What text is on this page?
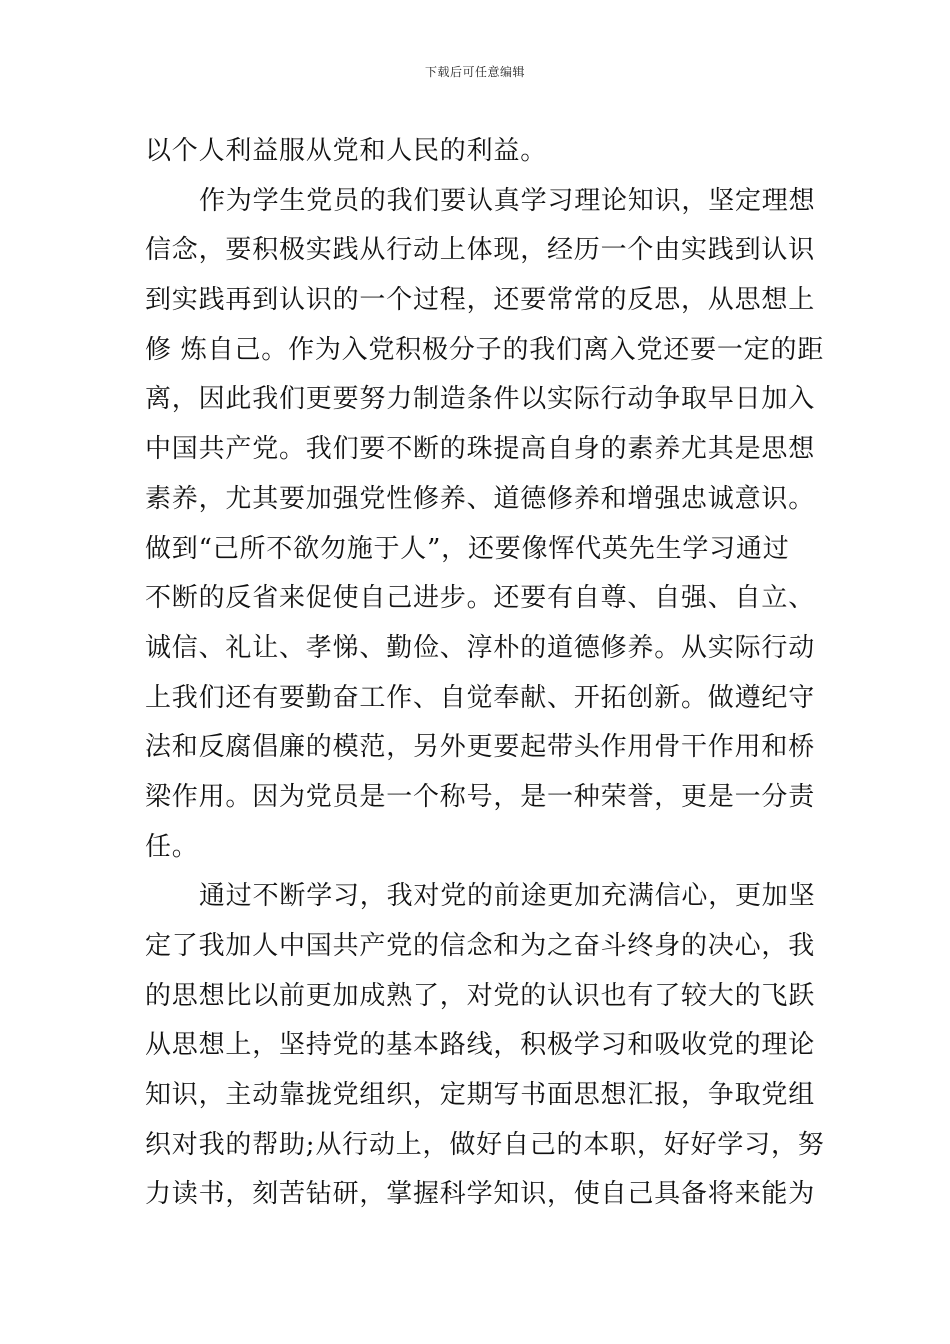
下载后可任意编辑
以个人利益服从党和人民的利益。
作为学生党员的我们要认真学习理论知识，坚定理想
信念，要积极实践从行动上体现，经历一个由实践到认识
到实践再到认识的一个过程，还要常常的反思，从思想上
修 炼自己。作为入党积极分子的我们离入党还要一定的距
离，因此我们更要努力制造条件以实际行动争取早日加入
中国共产党。我们要不断的珠提高自身的素养尤其是思想
素养，尤其要加强党性修养、道德修养和增强忠诚意识。
做到“己所不欲勿施于人”，还要像恽代英先生学习通过
不断的反省来促使自己进步。还要有自尊、自强、自立、
诚信、礼让、孝悌、勤俭、淳朴的道德修养。从实际行动
上我们还有要勤奋工作、自觉奉献、开拓创新。做遵纪守
法和反腐倡廉的模范，另外更要起带头作用骨干作用和桥
梁作用。因为党员是一个称号，是一种荣誉，更是一分责
任。
通过不断学习，我对党的前途更加充满信心，更加坚
定了我加人中国共产党的信念和为之奋斗终身的决心，我
的思想比以前更加成熟了，对党的认识也有了较大的飞跃
从思想上，坚持党的基本路线，积极学习和吸收党的理论
知识，主动靠拢党组织，定期写书面思想汇报，争取党组
织对我的帮助;从行动上，做好自己的本职，好好学习，努
力读书，刻苦钻研，掌握科学知识，使自己具备将来能为
